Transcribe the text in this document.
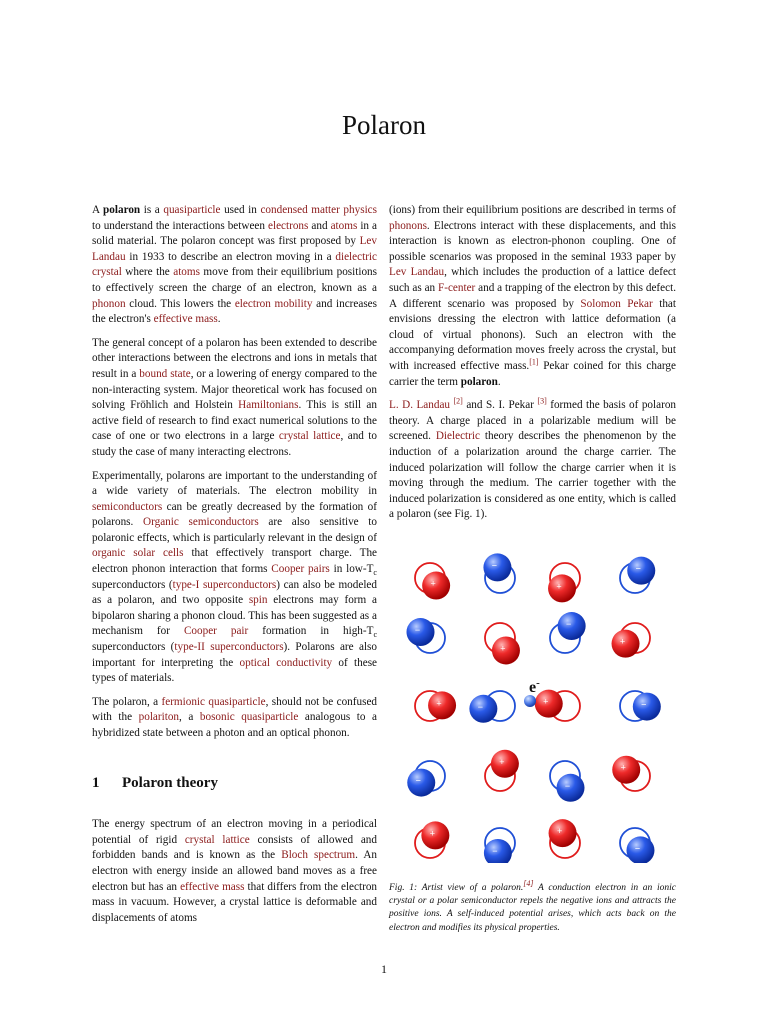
Polaron

A polaron is a quasiparticle used in condensed matter physics to understand the interactions between electrons and atoms in a solid material. The polaron concept was first proposed by Lev Landau in 1933 to describe an electron moving in a dielectric crystal where the atoms move from their equilibrium positions to effectively screen the charge of an electron, known as a phonon cloud. This lowers the electron mobility and increases the electron's effective mass.

The general concept of a polaron has been extended to describe other interactions between the electrons and ions in metals that result in a bound state, or a lowering of energy compared to the non-interacting system. Major theoretical work has focused on solving Fröhlich and Holstein Hamiltonians. This is still an active field of research to find exact numerical solutions to the case of one or two electrons in a large crystal lattice, and to study the case of many interacting electrons.

Experimentally, polarons are important to the understanding of a wide variety of materials. The electron mobility in semiconductors can be greatly decreased by the formation of polarons. Organic semiconductors are also sensitive to polaronic effects, which is particularly relevant in the design of organic solar cells that effectively transport charge. The electron phonon interaction that forms Cooper pairs in low-$T_c$ superconductors (type-I superconductors) can also be modeled as a polaron, and two opposite spin electrons may form a bipolaron sharing a phonon cloud. This has been suggested as a mechanism for Cooper pair formation in high-$T_c$ superconductors (type-II superconductors). Polarons are also important for interpreting the optical conductivity of these types of materials.

The polaron, a fermionic quasiparticle, should not be confused with the polariton, a bosonic quasiparticle analogous to a hybridized state between a photon and an optical phonon.

1 Polaron theory

The energy spectrum of an electron moving in a periodical potential of rigid crystal lattice consists of allowed and forbidden bands and is known as the Bloch spectrum. An electron with energy inside an allowed band moves as a free electron but has an effective mass that differs from the electron mass in vacuum. However, a crystal lattice is deformable and displacements of atoms

(ions) from their equilibrium positions are described in terms of phonons. Electrons interact with these displacements, and this interaction is known as electron-phonon coupling. One of possible scenarios was proposed in the seminal 1933 paper by Lev Landau, which includes the production of a lattice defect such as an F-center and a trapping of the electron by this defect. A different scenario was proposed by Solomon Pekar that envisions dressing the electron with lattice deformation (a cloud of virtual phonons). Such an electron with the accompanying deformation moves freely across the crystal, but with increased effective mass.[1] Pekar coined for this charge carrier the term polaron.

L. D. Landau [2] and S. I. Pekar [3] formed the basis of polaron theory. A charge placed in a polarizable medium will be screened. Dielectric theory describes the phenomenon by the induction of a polarization around the charge carrier. The induced polarization will follow the charge carrier when it is moving through the medium. The carrier together with the induced polarization is considered as one entity, which is called a polaron (see Fig. 1).

+
−
+
−
−
+
−
+
+	−
+	−
−
+
−
+
+
−
+
−
e-
Fig. 1: Artist view of a polaron.[4] A conduction electron in an ionic crystal or a polar semiconductor repels the negative ions and attracts the positive ions. A self-induced potential arises, which acts back on the electron and modifies its physical properties.
1
